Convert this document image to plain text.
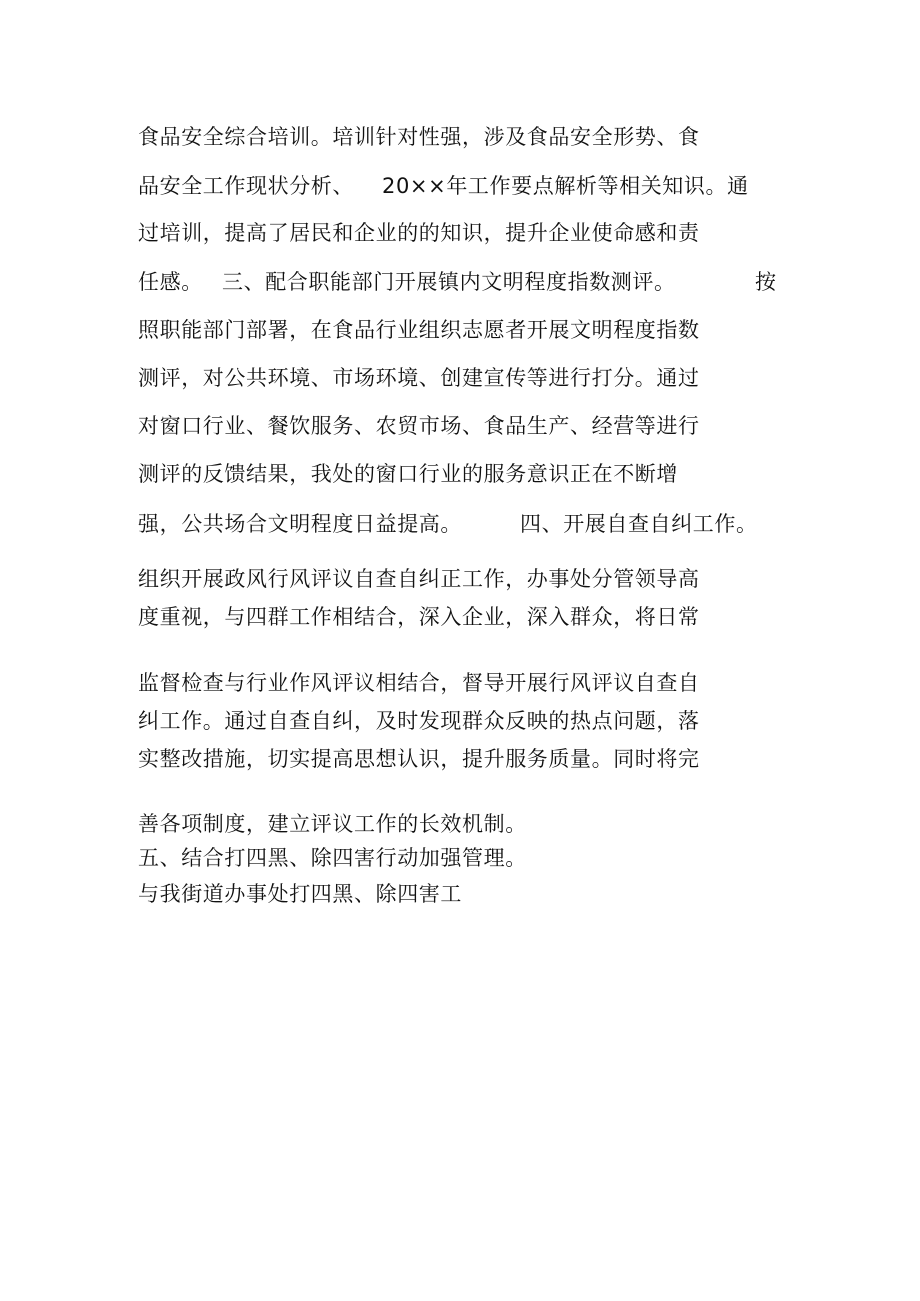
食品安全综合培训。培训针对性强，涉及食品安全形势、食

品安全工作现状分析、

20××年工作要点解析等相关知识。通

过培训，提高了居民和企业的的知识，提升企业使命感和责

任感。

三、配合职能部门开展镇内文明程度指数测评。

	按

照职能部门部署，在食品行业组织志愿者开展文明程度指数

测评，对公共环境、市场环境、创建宣传等进行打分。通过

对窗口行业、餐饮服务、农贸市场、食品生产、经营等进行

测评的反馈结果，我处的窗口行业的服务意识正在不断增

强，公共场合文明程度日益提高。

	四、开展自查自纠工作。

组织开展政风行风评议自查自纠正工作，办事处分管领导高

度重视，与四群工作相结合，深入企业，深入群众，将日常

监督检查与行业作风评议相结合，督导开展行风评议自查自

纠工作。通过自查自纠，及时发现群众反映的热点问题，落

实整改措施，切实提高思想认识，提升服务质量。同时将完

善各项制度，建立评议工作的长效机制。

五、结合打四黑、除四害行动加强管理。

与我街道办事处打四黑、除四害工
